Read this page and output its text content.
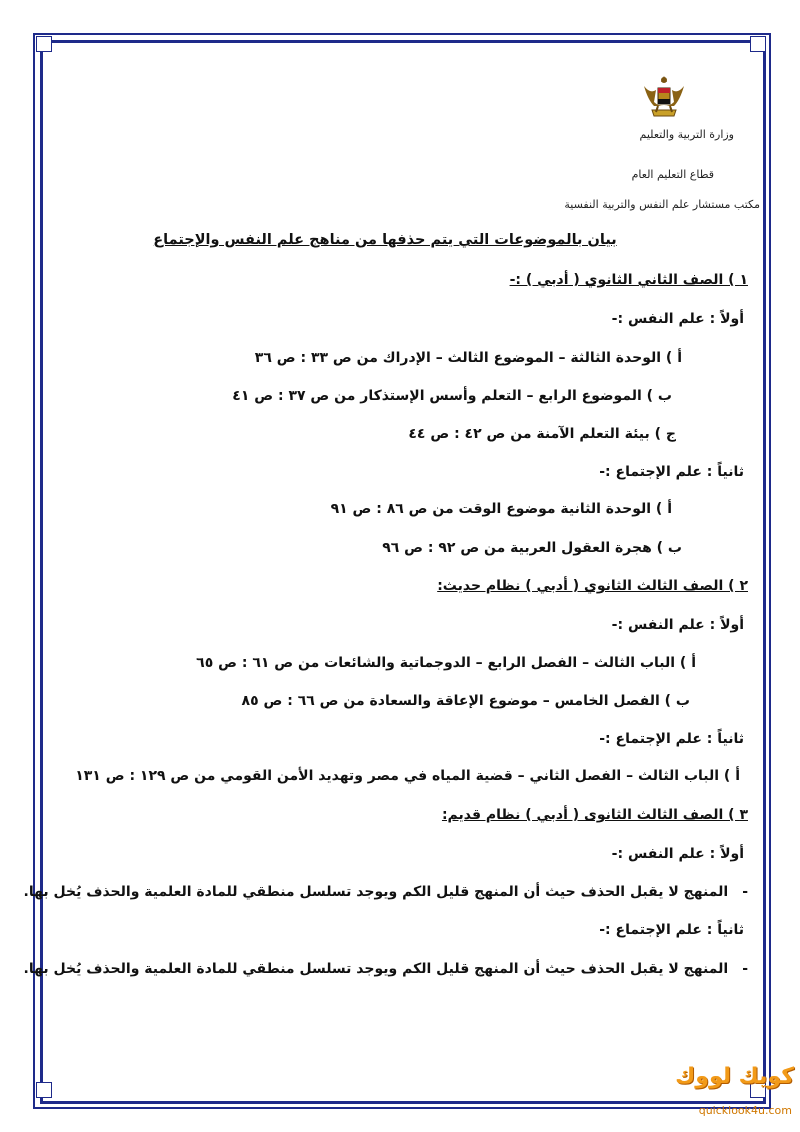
وزارة التربية والتعليم
قطاع التعليم العام
مكتب مستشار علم النفس والتربية النفسية
بيان بالموضوعات التي يتم حذفها من مناهج علم النفس والإجتماع
١ ) الصف الثاني الثانوي ( أدبي ) :-
أولاً : علم النفس :-
أ ) الوحدة الثالثة – الموضوع الثالث – الإدراك من ص ٣٣ : ص ٣٦
ب ) الموضوع الرابع – التعلم وأسس الإستذكار من ص ٣٧ : ص ٤١
ج ) بيئة التعلم الآمنة من ص ٤٢ : ص ٤٤
ثانياً : علم الإجتماع :-
أ ) الوحدة الثانية موضوع الوقت من ص ٨٦ : ص ٩١
ب ) هجرة العقول العربية من ص ٩٢ : ص ٩٦
٢ ) الصف الثالث الثانوي ( أدبي ) نظام حديث:
أولاً : علم النفس :-
أ ) الباب الثالث – الفصل الرابع – الدوجماتية والشائعات من ص ٦١ : ص ٦٥
ب ) الفصل الخامس – موضوع الإعاقة والسعادة من ص ٦٦ : ص ٨٥
ثانياً : علم الإجتماع :-
أ ) الباب الثالث – الفصل الثاني – قضية المياه في مصر وتهديد الأمن القومي من ص ١٢٩ : ص ١٣١
٣ ) الصف الثالث الثانوى ( أدبي ) نظام قديم:
أولاً : علم النفس :-
-المنهج لا يقبل الحذف حيث أن المنهج قليل الكم ويوجد تسلسل منطقي للمادة العلمية والحذف يُخل بها.
ثانياً : علم الإجتماع :-
-المنهج لا يقبل الحذف حيث أن المنهج قليل الكم ويوجد تسلسل منطقي للمادة العلمية والحذف يُخل بها.
كويك لووك
quicklook4u.com
